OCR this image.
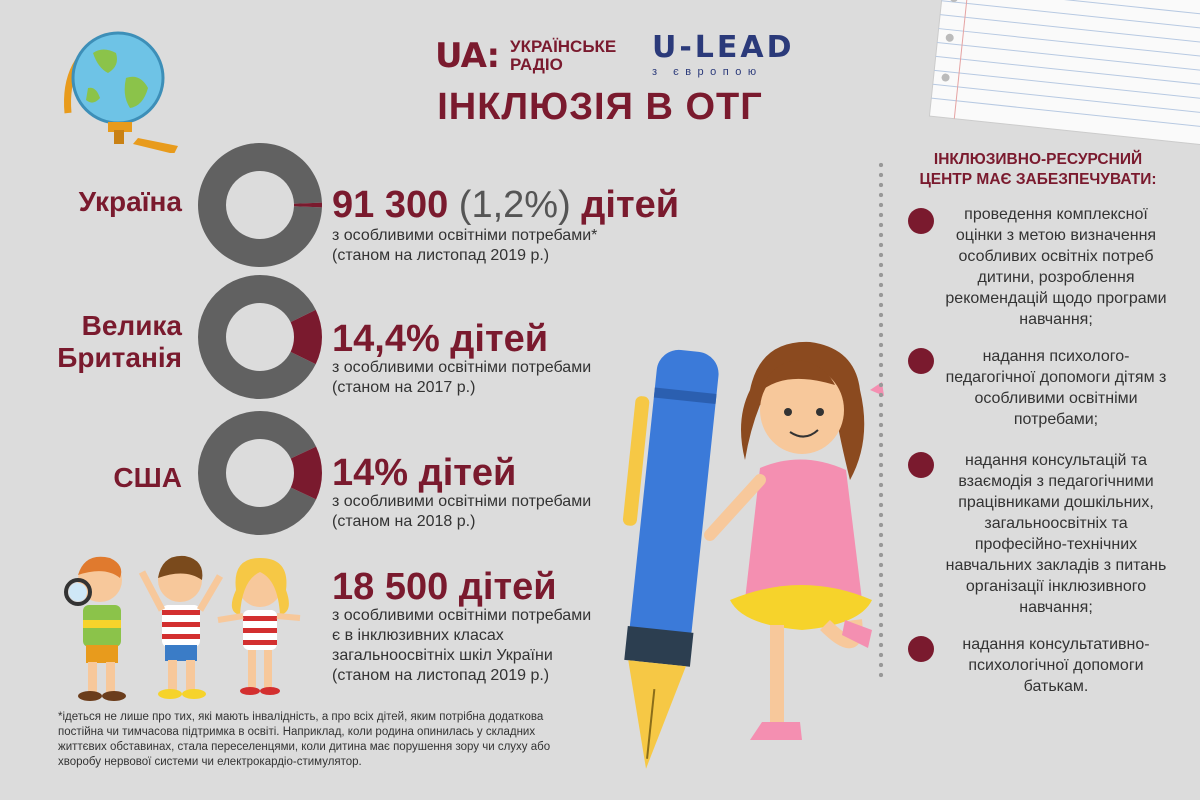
UA: УКРАЇНСЬКЕ
РАДІО	U-LEAD
з європою
ІНКЛЮЗІЯ В ОТГ
Україна
Велика
Британія
США
91 300 (1,2%) дітей
з особливими освітніми потребами*
(станом на листопад 2019 р.)
14,4% дітей
з особливими освітніми потребами
(станом на 2017 р.)
14% дітей
з особливими освітніми потребами
(станом на 2018 р.)
18 500 дітей
з особливими освітніми потребами
є в інклюзивних класах
загальноосвітніх шкіл України
(станом на листопад 2019 р.)
*ідеться не лише про тих, які мають інвалідність, а про всіх дітей, яким потрібна додаткова
постійна чи тимчасова підтримка в освіті. Наприклад, коли родина опинилась у складних
життєвих обставинах, стала переселенцями, коли дитина має порушення зору чи слуху або
хворобу нервової системи чи електрокардіо-стимулятор.
ІНКЛЮЗИВНО-РЕСУРСНИЙ
ЦЕНТР МАЄ ЗАБЕЗПЕЧУВАТИ:
проведення комплексної
оцінки з метою визначення
особливих освітніх потреб
дитини, розроблення
рекомендацій щодо програми
навчання;
надання психолого-
педагогічної допомоги дітям з
особливими освітніми
потребами;
надання консультацій та
взаємодія з педагогічними
працівниками дошкільних,
загальноосвітніх та
професійно-технічних
навчальних закладів з питань
організації інклюзивного
навчання;
надання консультативно-
психологічної допомоги
батькам.
